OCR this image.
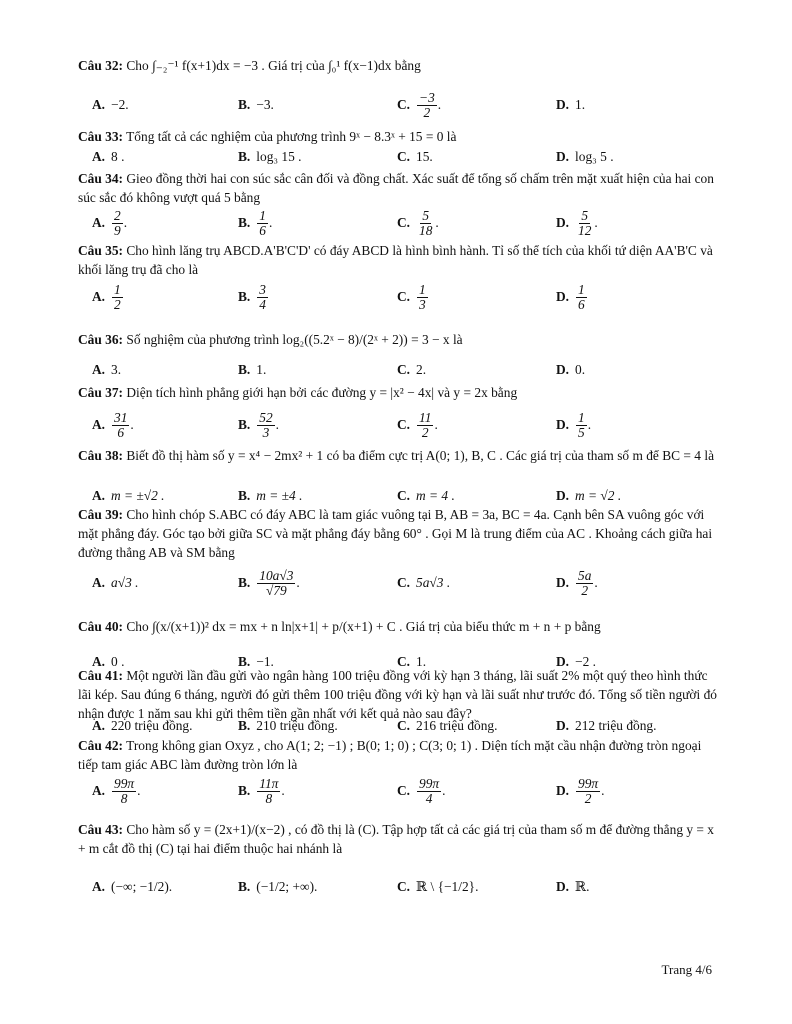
Câu 32: Cho ∫₋₂⁻¹ f(x+1)dx = −3 . Giá trị của ∫₀¹ f(x−1)dx bằng
A. −2.	B. −3.	C. $\frac{-3}{2}$ .	D. 1.
Câu 33: Tổng tất cả các nghiệm của phương trình 9ˣ − 8.3ˣ + 15 = 0 là
A. 8 .	B. log₃ 15 .	C. 15.	D. log₃ 5 .
Câu 34: Gieo đồng thời hai con súc sắc cân đối và đồng chất. Xác suất để tổng số chấm trên mặt xuất hiện của hai con súc sắc đó không vượt quá 5 bằng
A. $\frac{2}{9}$ .	B. $\frac{1}{6}$ .	C. $\frac{5}{18}$ .	D. $\frac{5}{12}$ .
Câu 35: Cho hình lăng trụ ABCD.A'B'C'D' có đáy ABCD là hình bình hành. Tỉ số thể tích của khối tứ diện AA'B'C và khối lăng trụ đã cho là
A. $\frac{1}{2}$	B. $\frac{3}{4}$	C. $\frac{1}{3}$	D. $\frac{1}{6}$
Câu 36: Số nghiệm của phương trình log₂((5.2ˣ − 8)/(2ˣ + 2)) = 3 − x là
A. 3.	B. 1.	C. 2.	D. 0.
Câu 37: Diện tích hình phẳng giới hạn bởi các đường y = |x² − 4x| và y = 2x bằng
A. $\frac{31}{6}$ .	B. $\frac{52}{3}$ .	C. $\frac{11}{2}$ .	D. $\frac{1}{5}$ .
Câu 38: Biết đồ thị hàm số y = x⁴ − 2mx² + 1 có ba điểm cực trị A(0; 1), B, C . Các giá trị của tham số m để BC = 4 là
A. m = ±√2 .	B. m = ±4 .	C. m = 4 .	D. m = √2 .
Câu 39: Cho hình chóp S.ABC có đáy ABC là tam giác vuông tại B, AB = 3a, BC = 4a. Cạnh bên SA vuông góc với mặt phẳng đáy. Góc tạo bởi giữa SC và mặt phẳng đáy bằng 60° . Gọi M là trung điểm của AC . Khoảng cách giữa hai đường thẳng AB và SM bằng
A. a√3 .	B. $\frac{10a√3}{√79}$ .	C. 5a√3 .	D. $\frac{5a}{2}$ .
Câu 40: Cho ∫(x/(x+1))² dx = mx + n ln|x+1| + p/(x+1) + C . Giá trị của biểu thức m + n + p bằng
A. 0 .	B. −1.	C. 1.	D. −2 .
Câu 41: Một người lần đầu gửi vào ngân hàng 100 triệu đồng với kỳ hạn 3 tháng, lãi suất 2% một quý theo hình thức lãi kép. Sau đúng 6 tháng, người đó gửi thêm 100 triệu đồng với kỳ hạn và lãi suất như trước đó. Tổng số tiền người đó nhận được 1 năm sau khi gửi thêm tiền gần nhất với kết quả nào sau đây?
A. 220 triệu đồng.	B. 210 triệu đồng.	C. 216 triệu đồng.	D. 212 triệu đồng.
Câu 42: Trong không gian Oxyz , cho A(1; 2; −1) ; B(0; 1; 0) ; C(3; 0; 1) . Diện tích mặt cầu nhận đường tròn ngoại tiếp tam giác ABC làm đường tròn lớn là
A. $\frac{99\pi}{8}$ .	B. $\frac{11\pi}{8}$ .	C. $\frac{99\pi}{4}$ .	D. $\frac{99\pi}{2}$ .
Câu 43: Cho hàm số y = (2x+1)/(x−2) , có đồ thị là (C). Tập hợp tất cả các giá trị của tham số m để đường thẳng y = x + m cắt đồ thị (C) tại hai điểm thuộc hai nhánh là
A. (−∞; −1/2).	B. (−1/2; +∞).	C. ℝ \ {−1/2}.	D. ℝ.
Trang 4/6
